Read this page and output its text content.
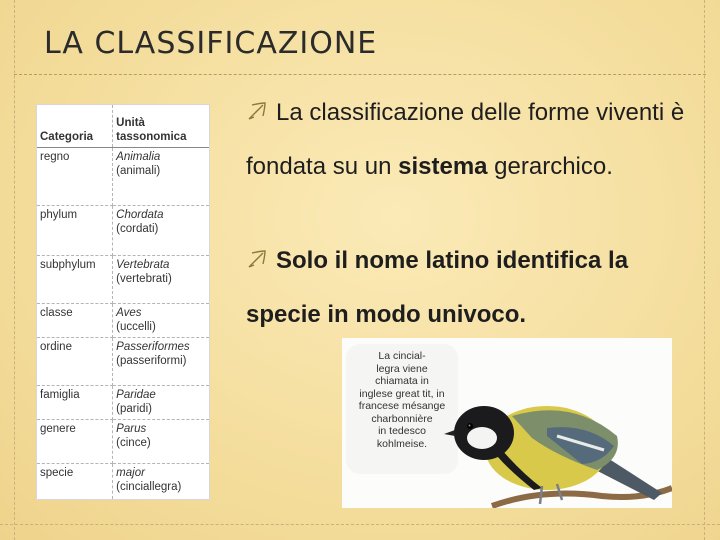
LA CLASSIFICAZIONE
Categoria	Unità tassonomica
regno	Animalia
(animali)
phylum	Chordata
(cordati)
subphylum	Vertebrata
(vertebrati)
classe	Aves
(uccelli)
ordine	Passeriformes
(passeriformi)
famiglia	Paridae
(paridi)
genere	Parus
(cince)
specie	major
(cinciallegra)
La classificazione delle forme viventi è fondata su un sistema gerarchico.
Solo il nome latino identifica la specie in modo univoco.
La cincial-
legra viene
chiamata in
inglese great tit, in
francese mésange
charbonnière
in tedesco
kohlmeise.
